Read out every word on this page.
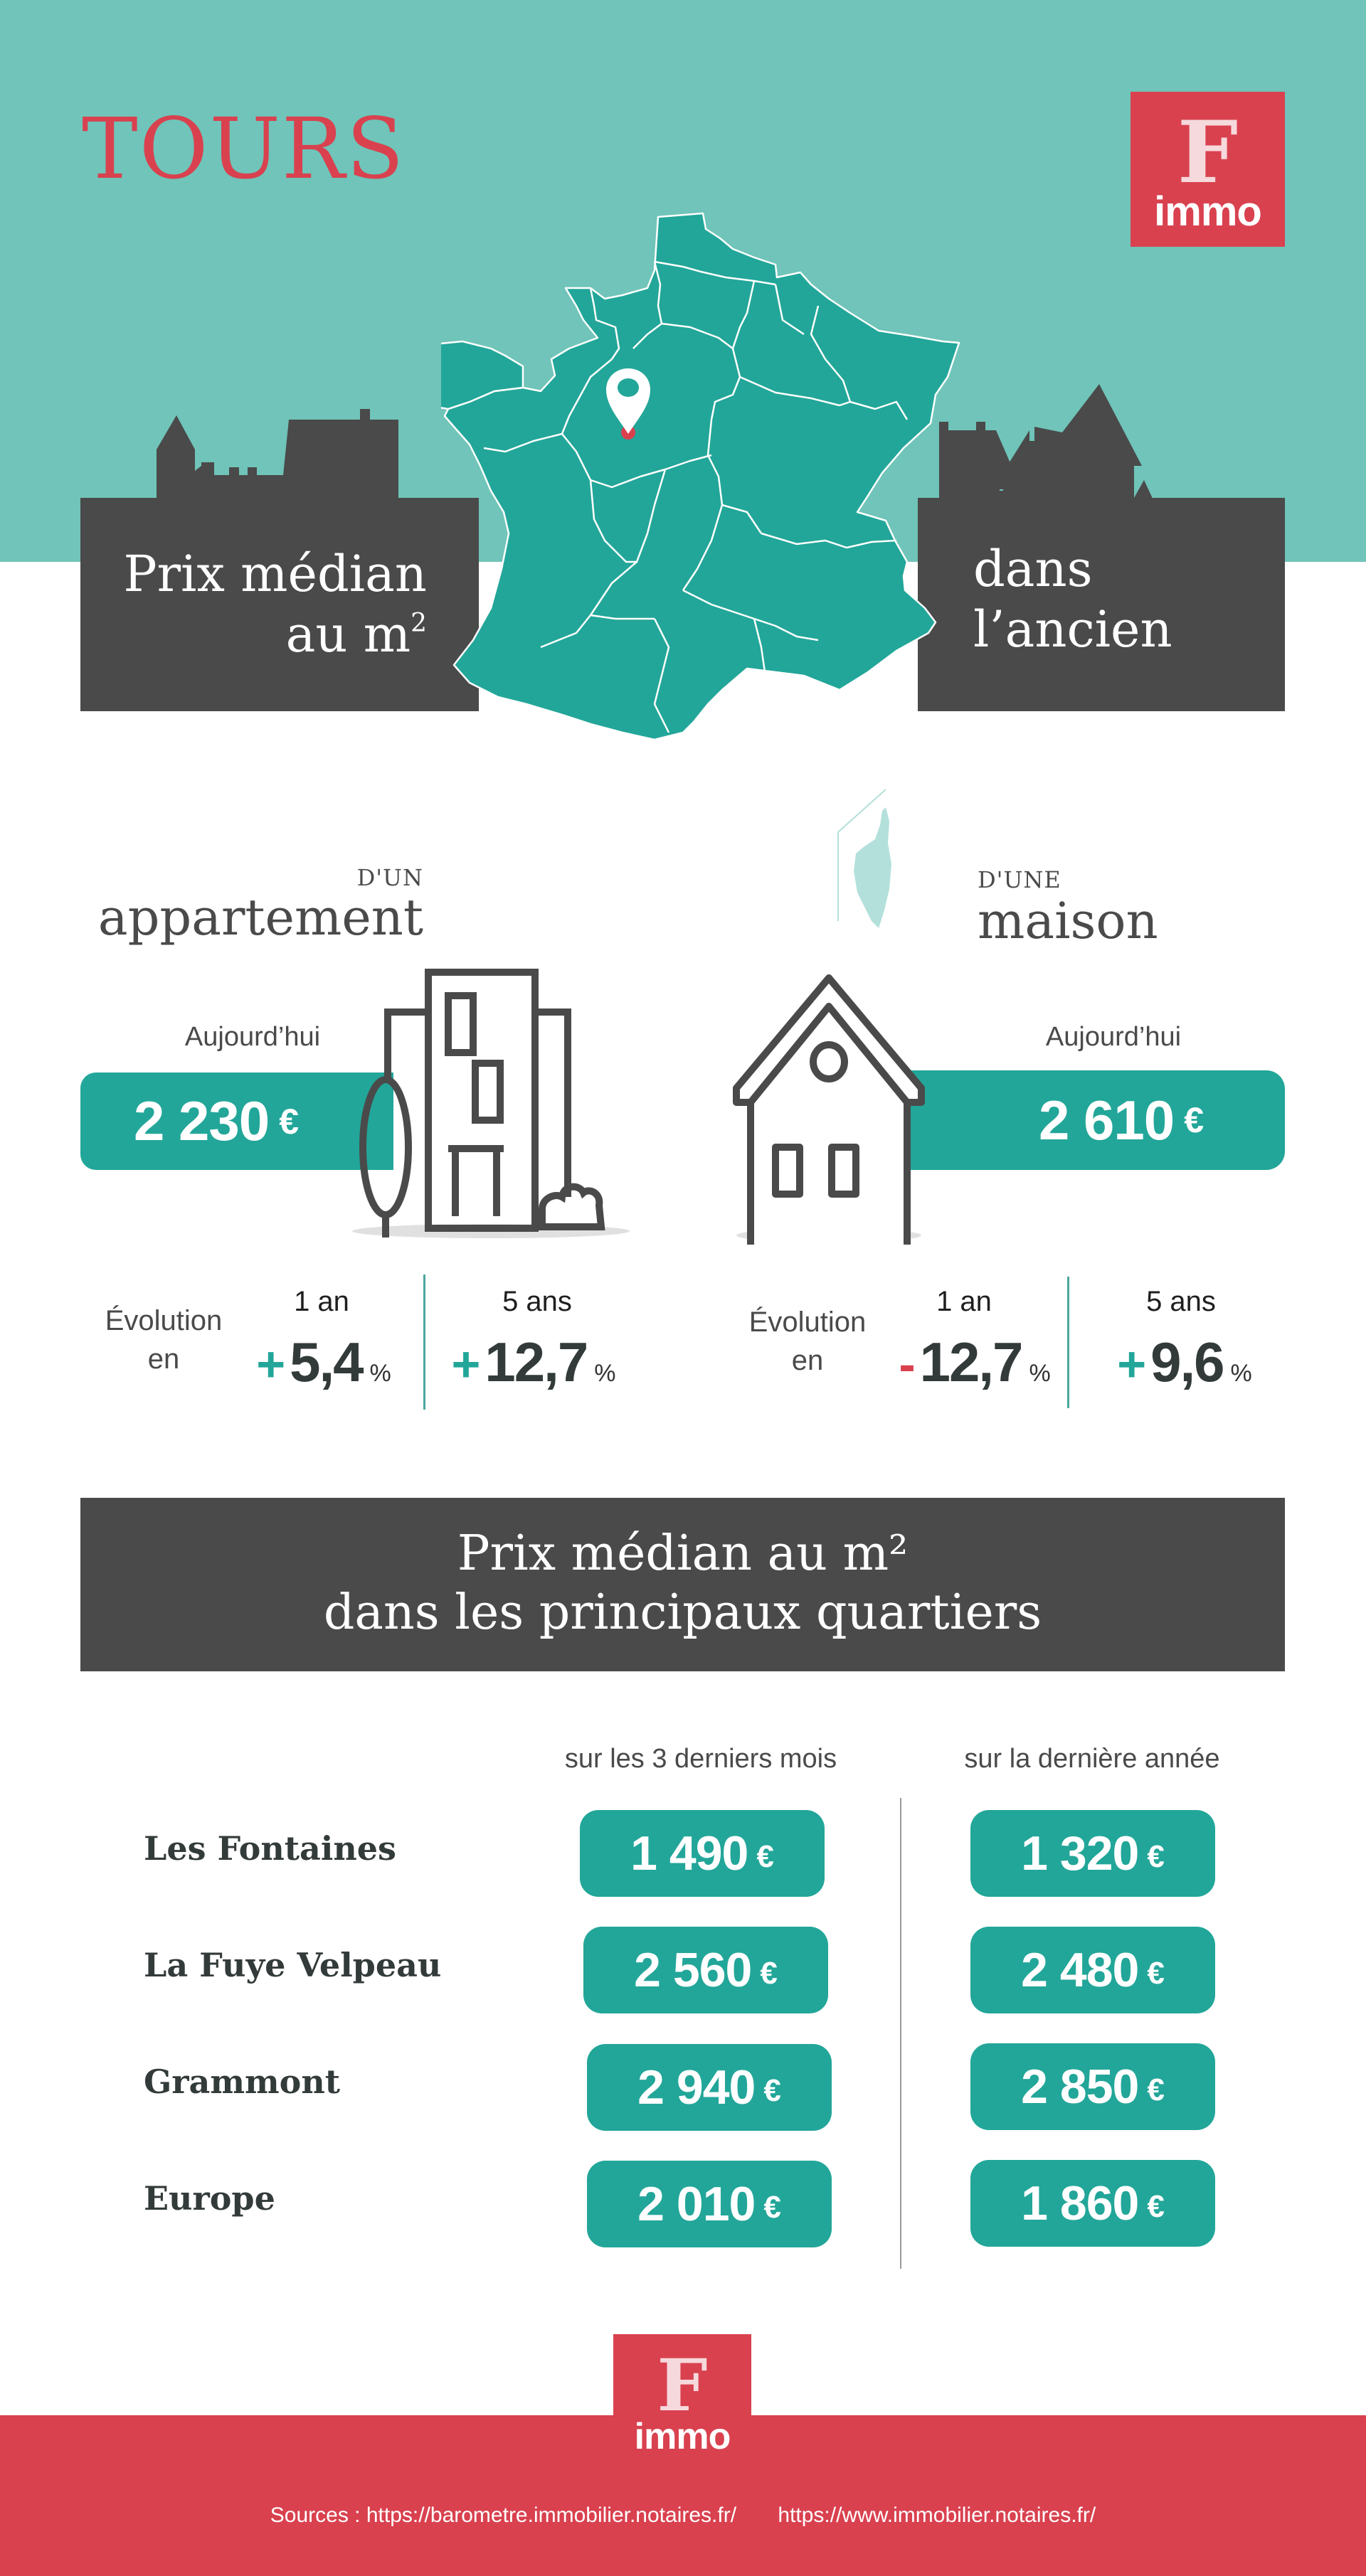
TOURS	F
immo
Prix médian
au $m^2$
dans
l’ancien
D'UN
appartement
Aujourd’hui
2 230 €
D'UNE
maison
Aujourd’hui
2 610 €
Évolution
en
1 an
+ 5,4 %
5 ans
+ 12,7 %
Évolution
en
1 an
- 12,7 %
5 ans
+ 9,6 %
Prix médian au m²
dans les principaux quartiers
sur les 3 derniers mois	sur la dernière année
Les Fontaines	1 490 €	1 320 €
La Fuye Velpeau	2 560 €	2 480 €
Grammont	2 940 €	2 850 €
Europe	2 010 €	1 860 €
F
immo
Sources : https://barometre.immobilier.notaires.fr/ https://www.immobilier.notaires.fr/
